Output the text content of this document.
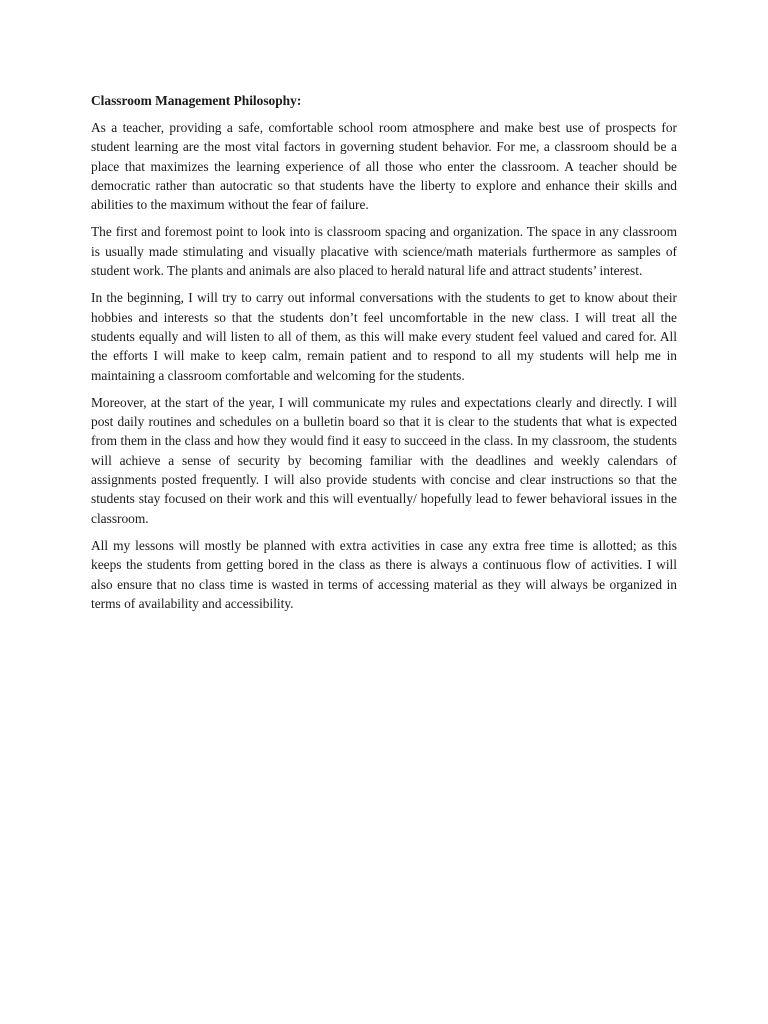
Classroom Management Philosophy:

As a teacher, providing a safe, comfortable school room atmosphere and make best use of prospects for student learning are the most vital factors in governing student behavior. For me, a classroom should be a place that maximizes the learning experience of all those who enter the classroom. A teacher should be democratic rather than autocratic so that students have the liberty to explore and enhance their skills and abilities to the maximum without the fear of failure.

The first and foremost point to look into is classroom spacing and organization. The space in any classroom is usually made stimulating and visually placative with science/math materials furthermore as samples of student work. The plants and animals are also placed to herald natural life and attract students’ interest.

In the beginning, I will try to carry out informal conversations with the students to get to know about their hobbies and interests so that the students don’t feel uncomfortable in the new class. I will treat all the students equally and will listen to all of them, as this will make every student feel valued and cared for. All the efforts I will make to keep calm, remain patient and to respond to all my students will help me in maintaining a classroom comfortable and welcoming for the students.

Moreover, at the start of the year, I will communicate my rules and expectations clearly and directly. I will post daily routines and schedules on a bulletin board so that it is clear to the students that what is expected from them in the class and how they would find it easy to succeed in the class. In my classroom, the students will achieve a sense of security by becoming familiar with the deadlines and weekly calendars of assignments posted frequently. I will also provide students with concise and clear instructions so that the students stay focused on their work and this will eventually/ hopefully lead to fewer behavioral issues in the classroom.

All my lessons will mostly be planned with extra activities in case any extra free time is allotted; as this keeps the students from getting bored in the class as there is always a continuous flow of activities. I will also ensure that no class time is wasted in terms of accessing material as they will always be organized in terms of availability and accessibility.
